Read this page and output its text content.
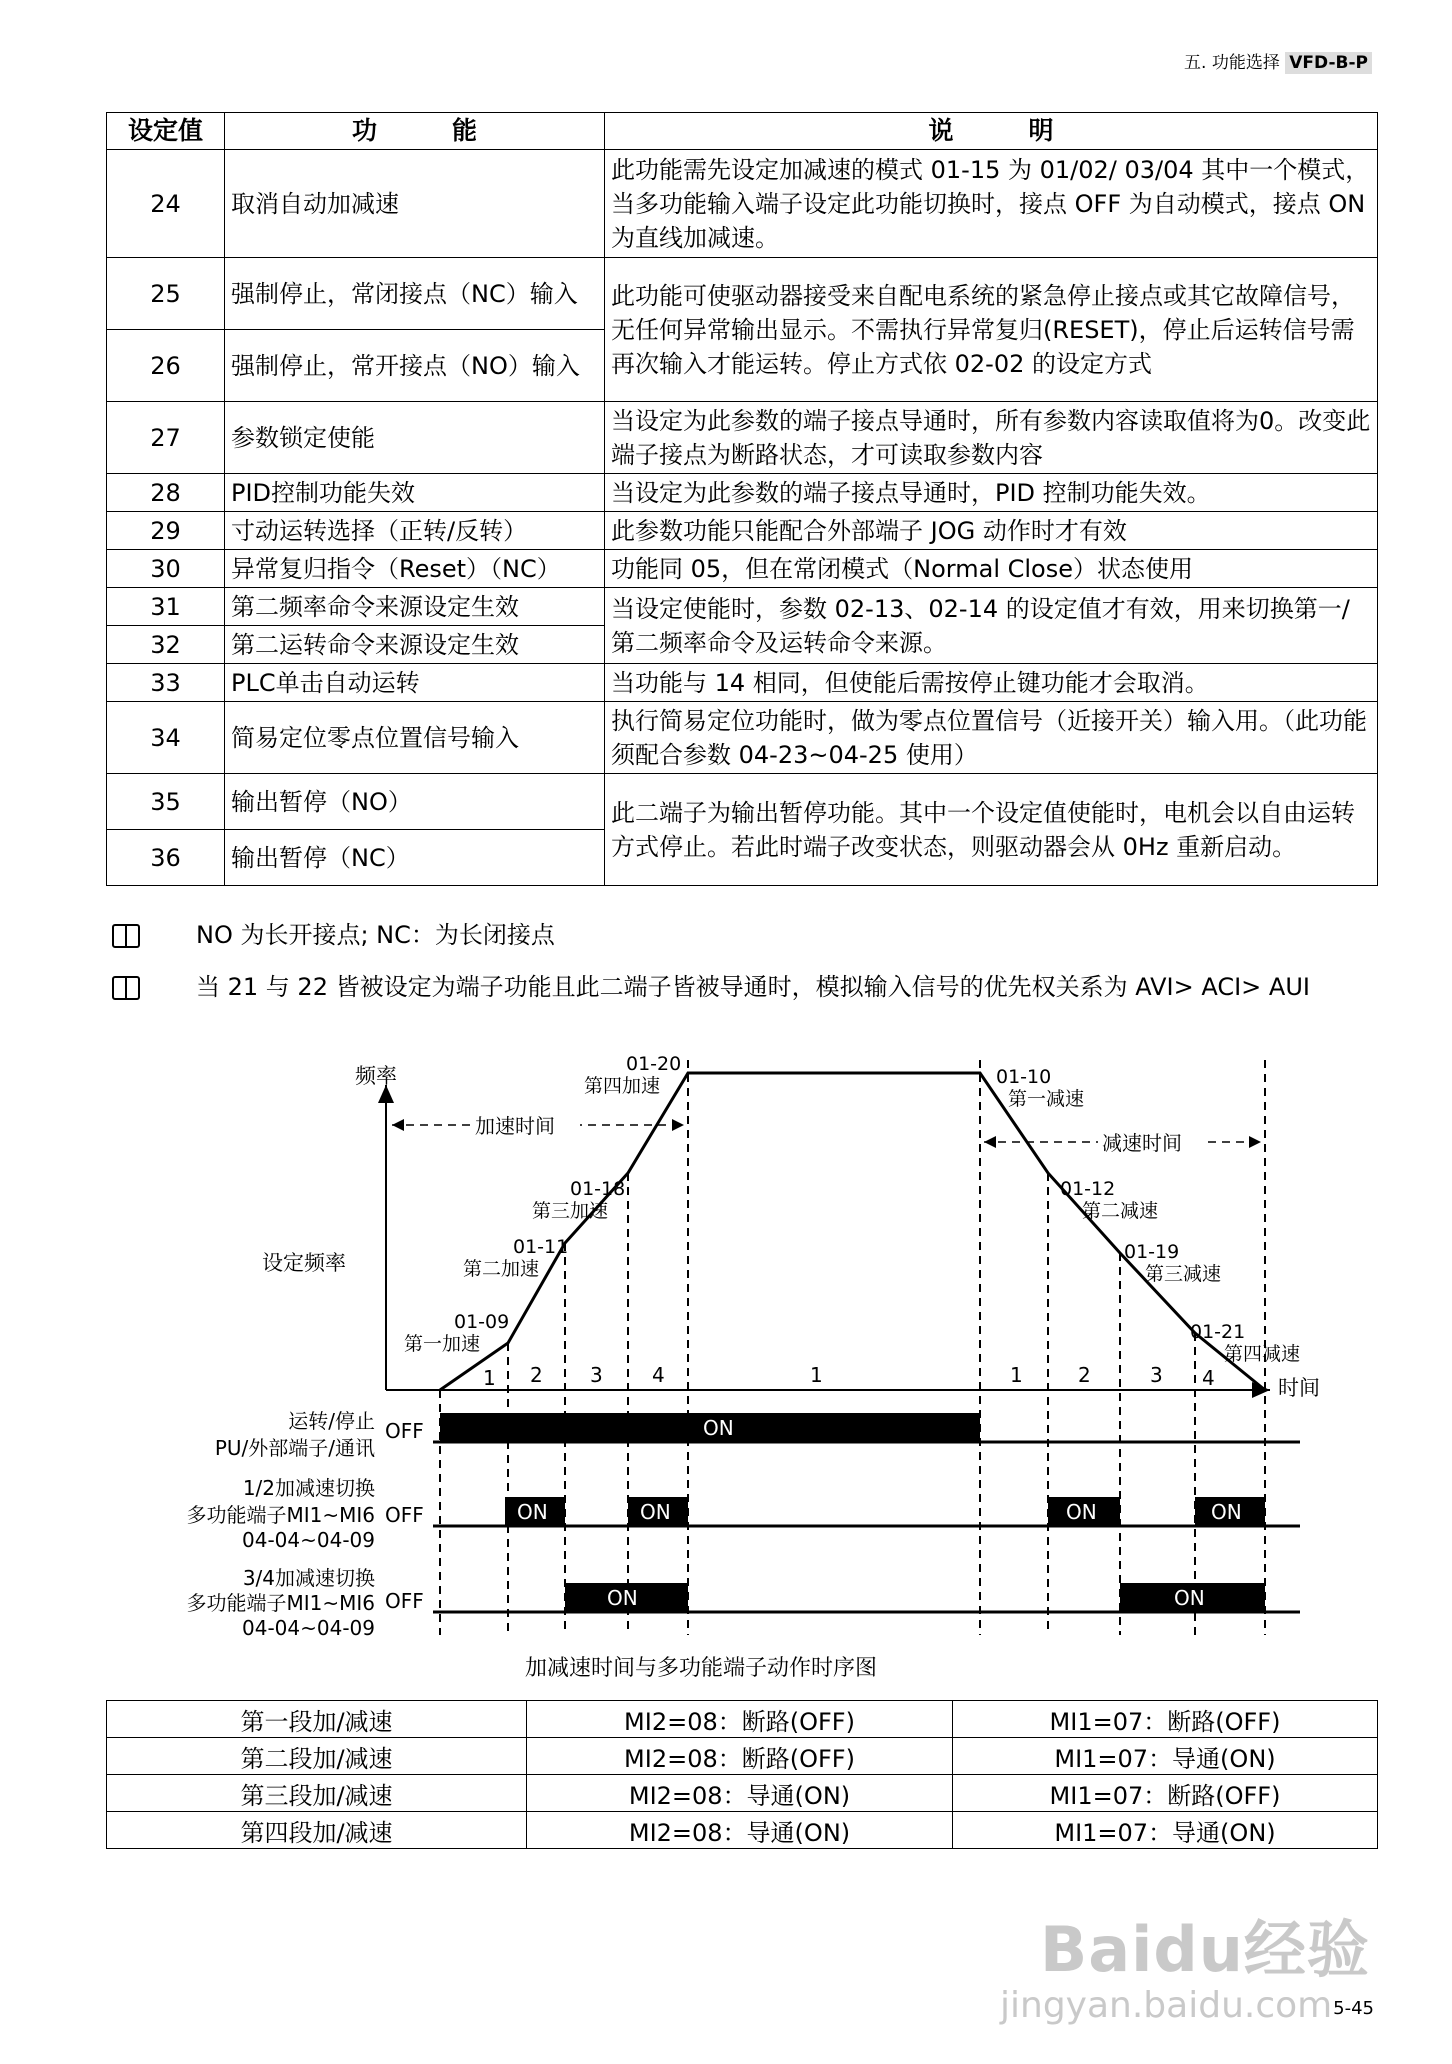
五. 功能选择 VFD-B-P
设定值	功　　　能	说　　　明
24	取消自动加减速	此功能需先设定加减速的模式 01-15 为 01/02/ 03/04 其中一个模式，当多功能输入端子设定此功能切换时，接点 OFF 为自动模式，接点 ON 为直线加减速。
25	强制停止，常闭接点（NC）输入	此功能可使驱动器接受来自配电系统的紧急停止接点或其它故障信号，无任何异常输出显示。不需执行异常复归(RESET)，停止后运转信号需再次输入才能运转。停止方式依 02-02 的设定方式
26	强制停止，常开接点（NO）输入	
27	参数锁定使能	当设定为此参数的端子接点导通时，所有参数内容读取值将为0。改变此端子接点为断路状态，才可读取参数内容
28	PID控制功能失效	当设定为此参数的端子接点导通时，PID 控制功能失效。
29	寸动运转选择（正转/反转）	此参数功能只能配合外部端子 JOG 动作时才有效
30	异常复归指令（Reset）（NC）	功能同 05，但在常闭模式（Normal Close）状态使用
31	第二频率命令来源设定生效	当设定使能时，参数 02-13、02-14 的设定值才有效，用来切换第一/第二频率命令及运转命令来源。
32	第二运转命令来源设定生效	
33	PLC单击自动运转	当功能与 14 相同，但使能后需按停止键功能才会取消。
34	简易定位零点位置信号输入	执行简易定位功能时，做为零点位置信号（近接开关）输入用。（此功能须配合参数 04-23~04-25 使用）
35	输出暂停（NO）	此二端子为输出暂停功能。其中一个设定值使能时，电机会以自由运转方式停止。若此时端子改变状态，则驱动器会从 0Hz 重新启动。
36	输出暂停（NC）	
NO 为长开接点; NC：为长闭接点
当 21 与 22 皆被设定为端子功能且此二端子皆被导通时，模拟输入信号的优先权关系为 AVI> ACI> AUI
频率
时间
设定频率
加速时间
减速时间
01-09
第一加速
01-11
第二加速
01-18
第三加速
01-20
第四加速	01-10
第一减速
01-12
第二减速
01-19
第三减速
01-21
第四减速
1 2 3 4	1	1	2	3 4
运转/停止
PU/外部端子/通讯
OFF	ON
1/2加减速切换
多功能端子MI1~MI6
04-04~04-09
OFF	ON	ON	ON	ON
3/4加减速切换
多功能端子MI1~MI6
04-04~04-09
OFF	ON	ON
加减速时间与多功能端子动作时序图
第一段加/减速	MI2=08：断路(OFF)	MI1=07：断路(OFF)
第二段加/减速	MI2=08：断路(OFF)	MI1=07：导通(ON)
第三段加/减速	MI2=08：导通(ON)	MI1=07：断路(OFF)
第四段加/减速	MI2=08：导通(ON)	MI1=07：导通(ON)
Baidu经验
jingyan.baidu.com 5-45
